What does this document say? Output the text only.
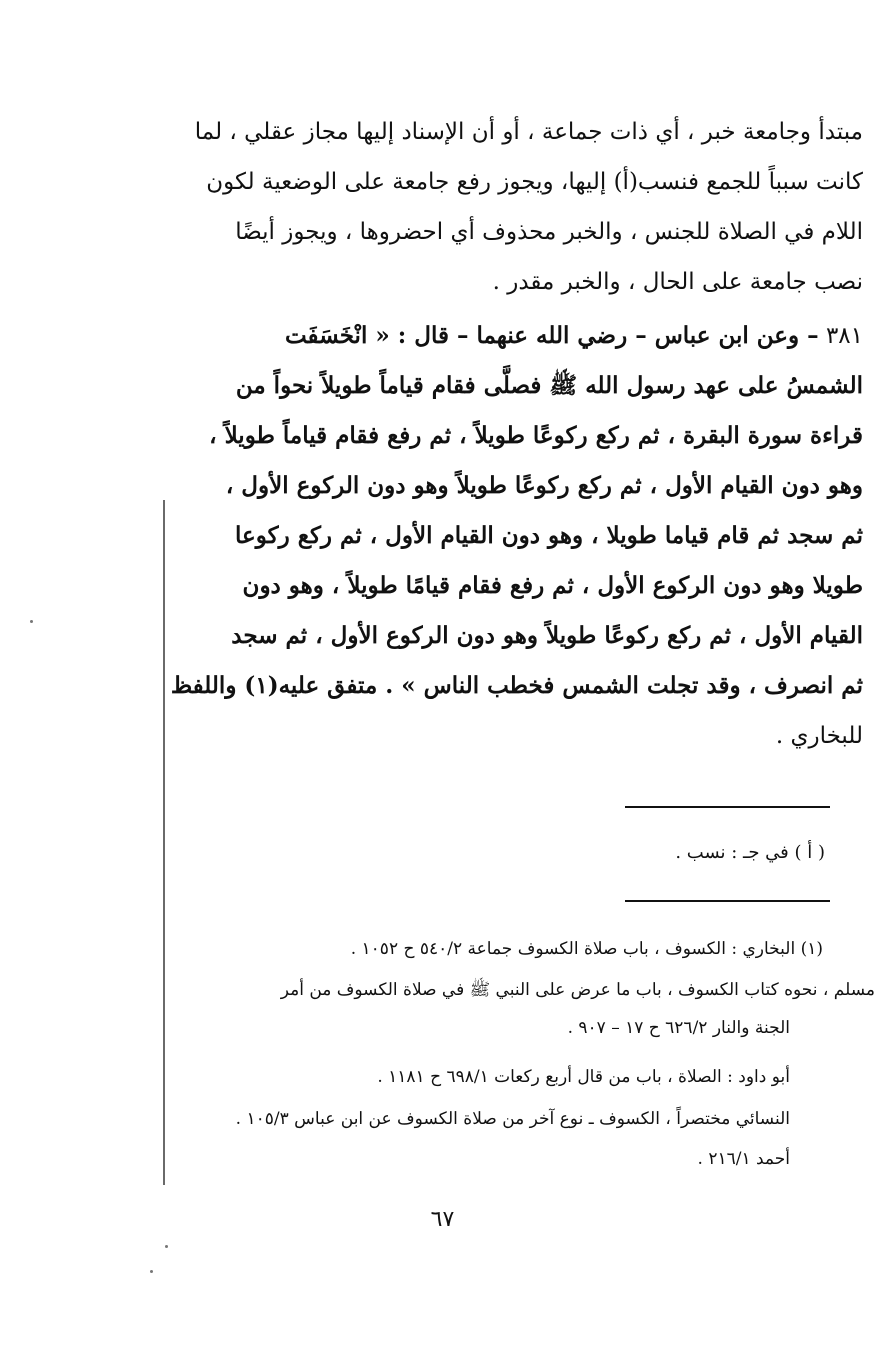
مبتدأ وجامعة خبر ، أي ذات جماعة ، أو أن الإسناد إليها مجاز عقلي ، لما
كانت سبباً للجمع فنسب(أ) إليها، ويجوز رفع جامعة على الوضعية لكون
اللام في الصلاة للجنس ، والخبر محذوف أي احضروها ، ويجوز أيضًا
نصب جامعة على الحال ، والخبر مقدر .
٣٨١ – وعن ابن عباس – رضي الله عنهما – قال : « انْخَسَفَت
الشمسُ على عهد رسول الله ﷺ فصلَّى فقام قياماً طويلاً نحواً من
قراءة سورة البقرة ، ثم ركع ركوعًا طويلاً ، ثم رفع فقام قياماً طويلاً ،
وهو دون القيام الأول ، ثم ركع ركوعًا طويلاً وهو دون الركوع الأول ،
ثم سجد ثم قام قياما طويلا ، وهو دون القيام الأول ، ثم ركع ركوعا
طويلا وهو دون الركوع الأول ، ثم رفع فقام قيامًا طويلاً ، وهو دون
القيام الأول ، ثم ركع ركوعًا طويلاً وهو دون الركوع الأول ، ثم سجد
ثم انصرف ، وقد تجلت الشمس فخطب الناس » . متفق عليه(١) واللفظ
للبخاري .
( أ ) في جـ : نسب .
(١) البخاري : الكسوف ، باب صلاة الكسوف جماعة ٥٤٠/٢ ح ١٠٥٢ .
مسلم ، نحوه كتاب الكسوف ، باب ما عرض على النبي ﷺ في صلاة الكسوف من أمر
الجنة والنار ٦٢٦/٢ ح ١٧ – ٩٠٧ .
أبو داود : الصلاة ، باب من قال أربع ركعات ٦٩٨/١ ح ١١٨١ .
النسائي مختصراً ، الكسوف ـ نوع آخر من صلاة الكسوف عن ابن عباس ١٠٥/٣ .
أحمد ٢١٦/١ .
٦٧
